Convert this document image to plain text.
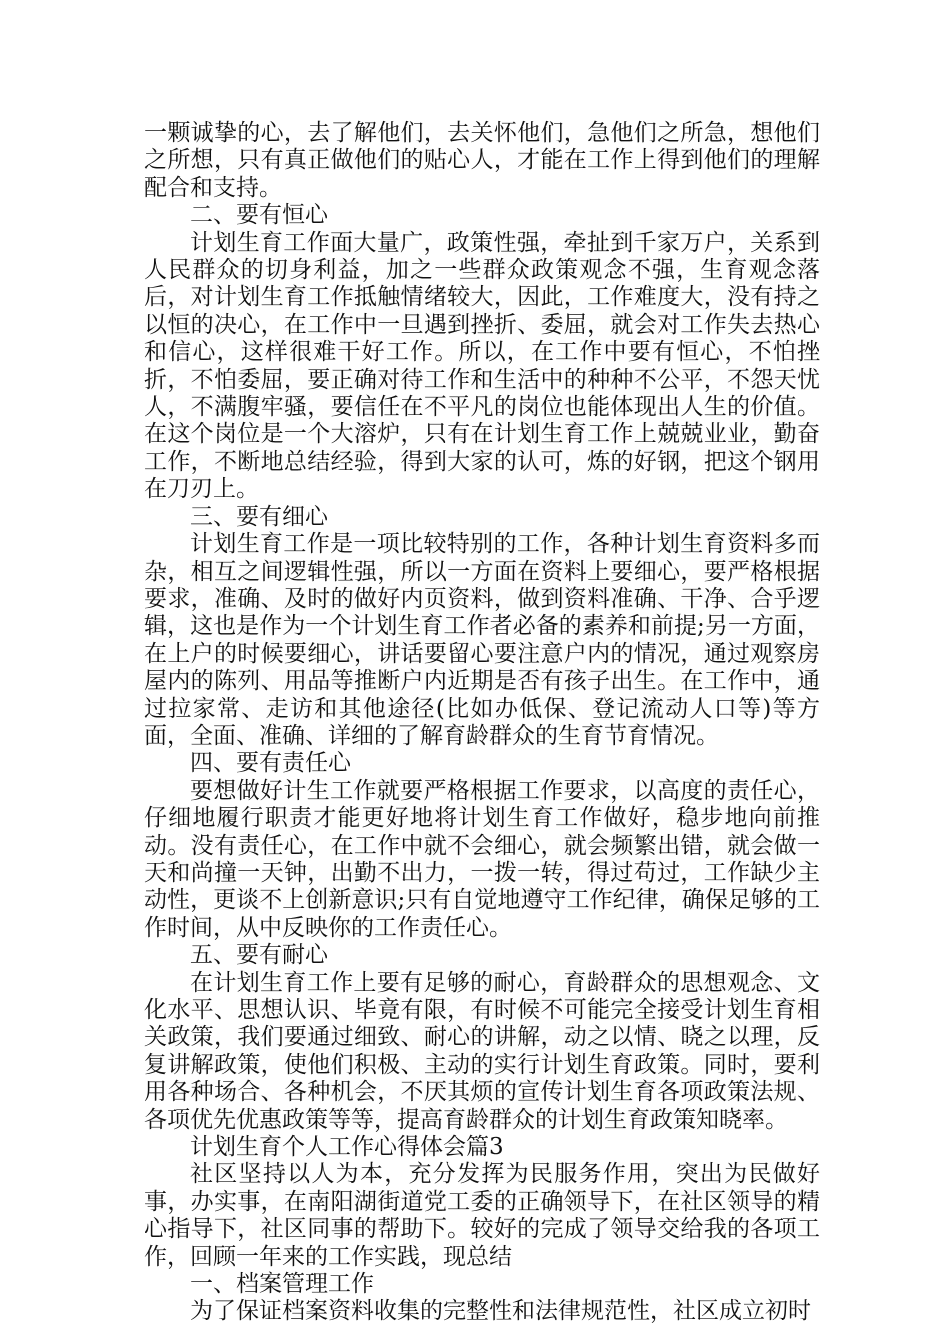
一颗诚挚的心，去了解他们，去关怀他们，急他们之所急，想他们之所想，只有真正做他们的贴心人，才能在工作上得到他们的理解配合和支持。

二、要有恒心

计划生育工作面大量广，政策性强，牵扯到千家万户，关系到人民群众的切身利益，加之一些群众政策观念不强，生育观念落后，对计划生育工作抵触情绪较大，因此，工作难度大，没有持之以恒的决心，在工作中一旦遇到挫折、委屈，就会对工作失去热心和信心，这样很难干好工作。所以，在工作中要有恒心，不怕挫折，不怕委屈，要正确对待工作和生活中的种种不公平，不怨天忧人，不满腹牢骚，要信任在不平凡的岗位也能体现出人生的价值。在这个岗位是一个大溶炉，只有在计划生育工作上兢兢业业，勤奋工作，不断地总结经验，得到大家的认可，炼的好钢，把这个钢用在刀刃上。

三、要有细心

计划生育工作是一项比较特别的工作，各种计划生育资料多而杂，相互之间逻辑性强，所以一方面在资料上要细心，要严格根据要求，准确、及时的做好内页资料，做到资料准确、干净、合乎逻辑，这也是作为一个计划生育工作者必备的素养和前提;另一方面，在上户的时候要细心，讲话要留心要注意户内的情况，通过观察房屋内的陈列、用品等推断户内近期是否有孩子出生。在工作中，通过拉家常、走访和其他途径(比如办低保、登记流动人口等)等方面，全面、准确、详细的了解育龄群众的生育节育情况。

四、要有责任心

要想做好计生工作就要严格根据工作要求，以高度的责任心，仔细地履行职责才能更好地将计划生育工作做好，稳步地向前推动。没有责任心，在工作中就不会细心，就会频繁出错，就会做一天和尚撞一天钟，出勤不出力，一拨一转，得过苟过，工作缺少主动性，更谈不上创新意识;只有自觉地遵守工作纪律，确保足够的工作时间，从中反映你的工作责任心。

五、要有耐心

在计划生育工作上要有足够的耐心，育龄群众的思想观念、文化水平、思想认识、毕竟有限，有时候不可能完全接受计划生育相关政策，我们要通过细致、耐心的讲解，动之以情、晓之以理，反复讲解政策，使他们积极、主动的实行计划生育政策。同时，要利用各种场合、各种机会，不厌其烦的宣传计划生育各项政策法规、各项优先优惠政策等等，提高育龄群众的计划生育政策知晓率。

计划生育个人工作心得体会篇3

社区坚持以人为本，充分发挥为民服务作用，突出为民做好事，办实事，在南阳湖街道党工委的正确领导下，在社区领导的精心指导下，社区同事的帮助下。较好的完成了领导交给我的各项工作，回顾一年来的工作实践，现总结

一、档案管理工作

为了保证档案资料收集的完整性和法律规范性，社区成立初时
